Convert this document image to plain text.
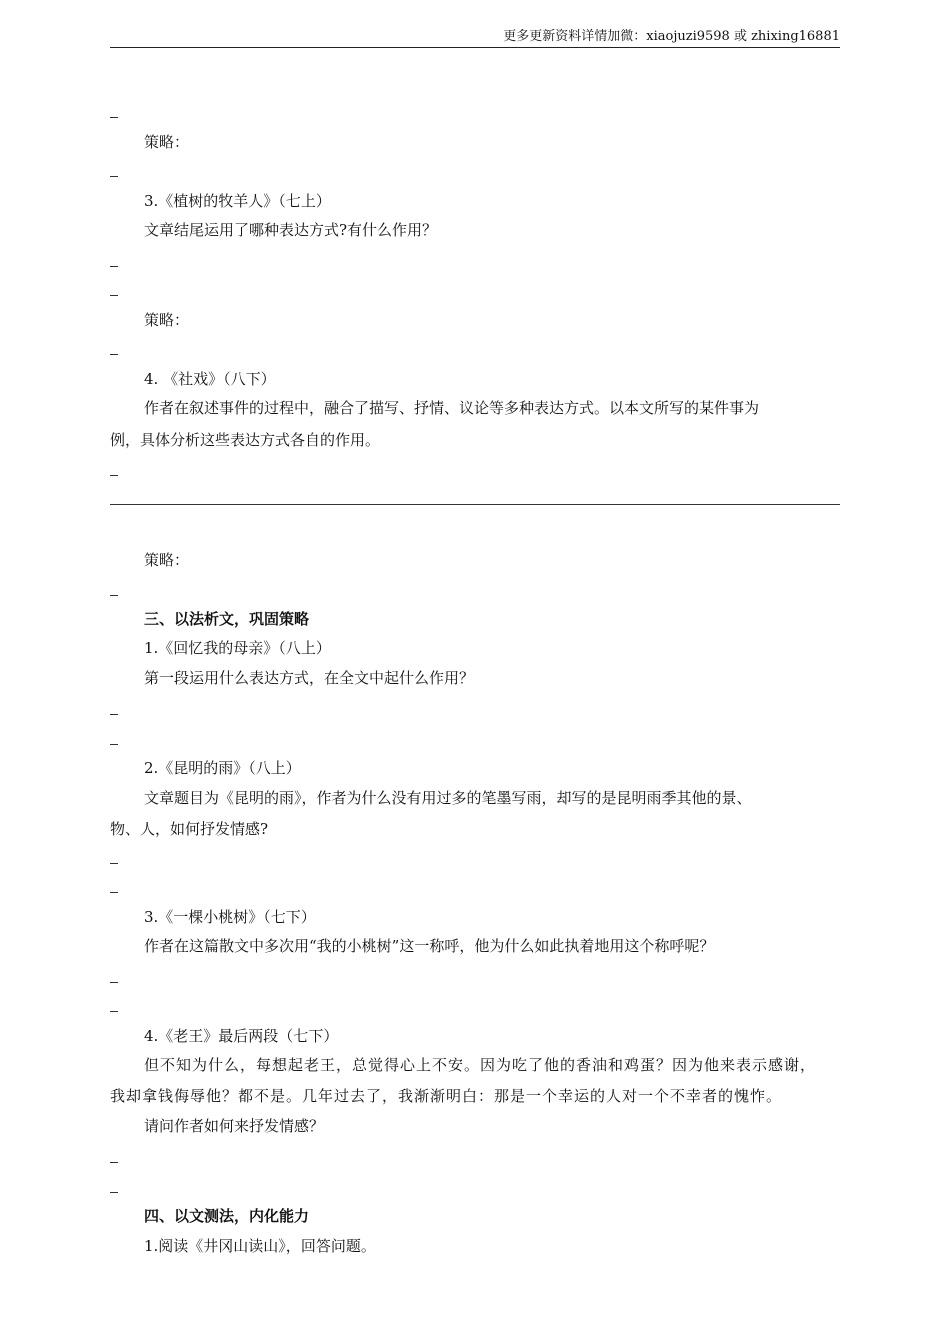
更多更新资料详情加微：xiaojuzi9598 或 zhixing16881
策略：
3.《植树的牧羊人》（七上）
文章结尾运用了哪种表达方式?有什么作用？
策略：
4. 《社戏》（八下）
作者在叙述事件的过程中，融合了描写、抒情、议论等多种表达方式。以本文所写的某件事为
例，具体分析这些表达方式各自的作用。
策略：
三、以法析文，巩固策略
1.《回忆我的母亲》（八上）
第一段运用什么表达方式，在全文中起什么作用？
2.《昆明的雨》（八上）
文章题目为《昆明的雨》，作者为什么没有用过多的笔墨写雨，却写的是昆明雨季其他的景、
物、人，如何抒发情感?
3.《一棵小桃树》（七下）
作者在这篇散文中多次用“我的小桃树”这一称呼，他为什么如此执着地用这个称呼呢？
4.《老王》最后两段（七下）
但不知为什么，每想起老王，总觉得心上不安。因为吃了他的香油和鸡蛋？因为他来表示感谢，
我却拿钱侮辱他？都不是。几年过去了，我渐渐明白：那是一个幸运的人对一个不幸者的愧怍。
请问作者如何来抒发情感？
四、以文测法，内化能力
1.阅读《井冈山读山》，回答问题。
